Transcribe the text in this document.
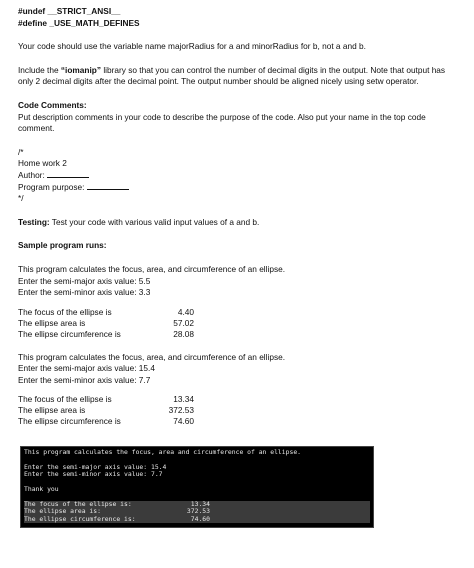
#undef __STRICT_ANSI__

#define _USE_MATH_DEFINES

Your code should use the variable name majorRadius for a and minorRadius for b, not a and b.

Include the “iomanip” library so that you can control the number of decimal digits in the output. Note that output has only 2 decimal digits after the decimal point. The output number should be aligned nicely using setw operator.

Code Comments:

Put description comments in your code to describe the purpose of the code. Also put your name in the top code comment.

/*

Home work 2

Author:

Program purpose:

*/

Testing: Test your code with various valid input values of a and b.

Sample program runs:

This program calculates the focus, area, and circumference of an ellipse.

Enter the semi-major axis value: 5.5

Enter the semi-minor axis value: 3.3

The focus of the ellipse is	4.40
The ellipse area is	57.02
The ellipse circumference is	28.08

This program calculates the focus, area, and circumference of an ellipse.

Enter the semi-major axis value: 15.4

Enter the semi-minor axis value: 7.7

The focus of the ellipse is	13.34
The ellipse area is	372.53
The ellipse circumference is	74.60
This program calculates the focus, area and circumference of an ellipse.

Enter the semi-major axis value: 15.4
Enter the semi-minor axis value: 7.7

Thank you

The focus of the ellipse is:	13.34
The ellipse area is:	372.53
The ellipse circumference is:	74.60
